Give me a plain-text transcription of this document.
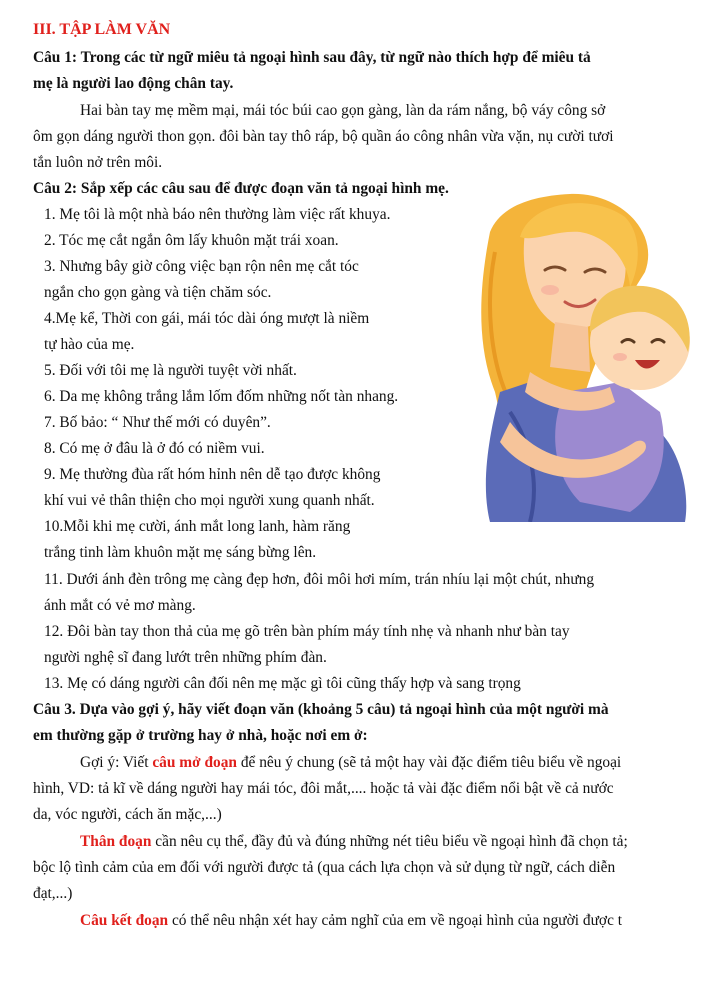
III. TẬP LÀM VĂN
Câu 1: Trong các từ ngữ miêu tả ngoại hình sau đây, từ ngữ nào thích hợp để miêu tả
mẹ là người lao động chân tay.
Hai bàn tay mẹ mềm mại, mái tóc búi cao gọn gàng, làn da rám nắng, bộ váy công sở
ôm gọn dáng người thon gọn. đôi bàn tay thô ráp, bộ quần áo công nhân vừa vặn, nụ cười tươi
tắn luôn nở trên môi.
Câu 2: Sắp xếp các câu sau để được đoạn văn tả ngoại hình mẹ.
1. Mẹ tôi là một nhà báo nên thường làm việc rất khuya.
2. Tóc mẹ cắt ngắn ôm lấy khuôn mặt trái xoan.
3. Nhưng bây giờ công việc bạn rộn nên mẹ cắt tóc
ngắn cho gọn gàng và tiện chăm sóc.
4.Mẹ kể, Thời con gái, mái tóc dài óng mượt là niềm
tự hào của mẹ.
5. Đối với tôi mẹ là người tuyệt vời nhất.
6. Da mẹ không trắng lắm lốm đốm những nốt tàn nhang.
7. Bố bảo: “ Như thế mới có duyên”.
8. Có mẹ ở đâu là ở đó có niềm vui.
9. Mẹ thường đùa rất hóm hỉnh nên dễ tạo được không
khí vui vẻ thân thiện cho mọi người xung quanh nhất.
10.Mỗi khi mẹ cười, ánh mắt long lanh, hàm răng
trắng tinh làm khuôn mặt mẹ sáng bừng lên.
11. Dưới ánh đèn trông mẹ càng đẹp hơn, đôi môi hơi mím, trán nhíu lại một chút, nhưng
ánh mắt có vẻ mơ màng.
12. Đôi bàn tay thon thả của mẹ gõ trên bàn phím máy tính nhẹ và nhanh như bàn tay
người nghệ sĩ đang lướt trên những phím đàn.
13. Mẹ có dáng người cân đối nên mẹ mặc gì tôi cũng thấy hợp và sang trọng
Câu 3. Dựa vào gợi ý, hãy viết đoạn văn (khoảng 5 câu) tả ngoại hình của một người mà
em thường gặp ở trường hay ở nhà, hoặc nơi em ở:
Gợi ý: Viết câu mở đoạn để nêu ý chung (sẽ tả một hay vài đặc điểm tiêu biểu về ngoại
hình, VD: tả kĩ về dáng người hay mái tóc, đôi mắt,.... hoặc tả vài đặc điểm nổi bật về cả nước
da, vóc người, cách ăn mặc,...)
Thân đoạn cần nêu cụ thể, đầy đủ và đúng những nét tiêu biểu về ngoại hình đã chọn tả;
bộc lộ tình cảm của em đối với người được tả (qua cách lựa chọn và sử dụng từ ngữ, cách diễn
đạt,...)
Câu kết đoạn có thể nêu nhận xét hay cảm nghĩ của em về ngoại hình của người được t
